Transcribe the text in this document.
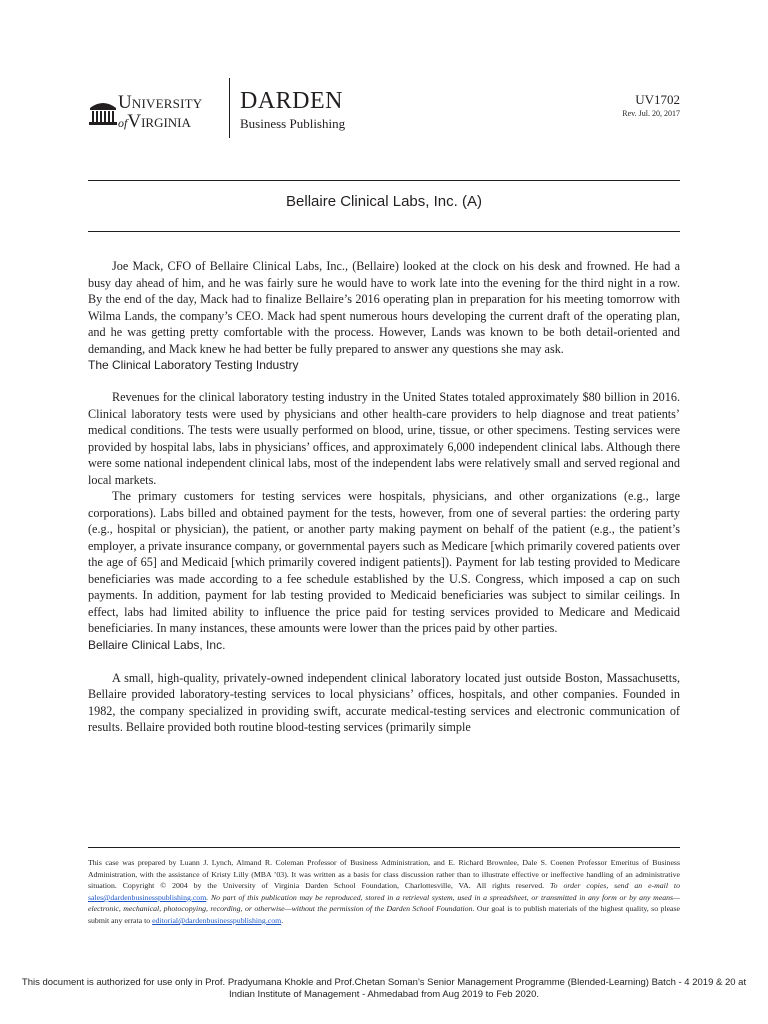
University
ofVirginia
DARDEN
Business Publishing
UV1702
Rev. Jul. 20, 2017
Bellaire Clinical Labs, Inc. (A)

Joe Mack, CFO of Bellaire Clinical Labs, Inc., (Bellaire) looked at the clock on his desk and frowned. He had a busy day ahead of him, and he was fairly sure he would have to work late into the evening for the third night in a row. By the end of the day, Mack had to finalize Bellaire’s 2016 operating plan in preparation for his meeting tomorrow with Wilma Lands, the company’s CEO. Mack had spent numerous hours developing the current draft of the operating plan, and he was getting pretty comfortable with the process. However, Lands was known to be both detail-oriented and demanding, and Mack knew he had better be fully prepared to answer any questions she may ask.

The Clinical Laboratory Testing Industry

Revenues for the clinical laboratory testing industry in the United States totaled approximately $80 billion in 2016. Clinical laboratory tests were used by physicians and other health-care providers to help diagnose and treat patients’ medical conditions. The tests were usually performed on blood, urine, tissue, or other specimens. Testing services were provided by hospital labs, labs in physicians’ offices, and approximately 6,000 independent clinical labs. Although there were some national independent clinical labs, most of the independent labs were relatively small and served regional and local markets.

The primary customers for testing services were hospitals, physicians, and other organizations (e.g., large corporations). Labs billed and obtained payment for the tests, however, from one of several parties: the ordering party (e.g., hospital or physician), the patient, or another party making payment on behalf of the patient (e.g., the patient’s employer, a private insurance company, or governmental payers such as Medicare [which primarily covered patients over the age of 65] and Medicaid [which primarily covered indigent patients]). Payment for lab testing provided to Medicare beneficiaries was made according to a fee schedule established by the U.S. Congress, which imposed a cap on such payments. In addition, payment for lab testing provided to Medicaid beneficiaries was subject to similar ceilings. In effect, labs had limited ability to influence the price paid for testing services provided to Medicare and Medicaid beneficiaries. In many instances, these amounts were lower than the prices paid by other parties.

Bellaire Clinical Labs, Inc.

A small, high-quality, privately-owned independent clinical laboratory located just outside Boston, Massachusetts, Bellaire provided laboratory-testing services to local physicians’ offices, hospitals, and other companies. Founded in 1982, the company specialized in providing swift, accurate medical-testing services and electronic communication of results. Bellaire provided both routine blood-testing services (primarily simple

This case was prepared by Luann J. Lynch, Almand R. Coleman Professor of Business Administration, and E. Richard Brownlee, Dale S. Coenen Professor Emeritus of Business Administration, with the assistance of Kristy Lilly (MBA ’03). It was written as a basis for class discussion rather than to illustrate effective or ineffective handling of an administrative situation. Copyright © 2004 by the University of Virginia Darden School Foundation, Charlottesville, VA. All rights reserved. To order copies, send an e-mail to sales@dardenbusinesspublishing.com. No part of this publication may be reproduced, stored in a retrieval system, used in a spreadsheet, or transmitted in any form or by any means—electronic, mechanical, photocopying, recording, or otherwise—without the permission of the Darden School Foundation. Our goal is to publish materials of the highest quality, so please submit any errata to editorial@dardenbusinesspublishing.com.
This document is authorized for use only in Prof. Pradyumana Khokle and Prof.Chetan Soman's Senior Management Programme (Blended-Learning) Batch - 4 2019 & 20 at Indian Institute of Management - Ahmedabad from Aug 2019 to Feb 2020.
